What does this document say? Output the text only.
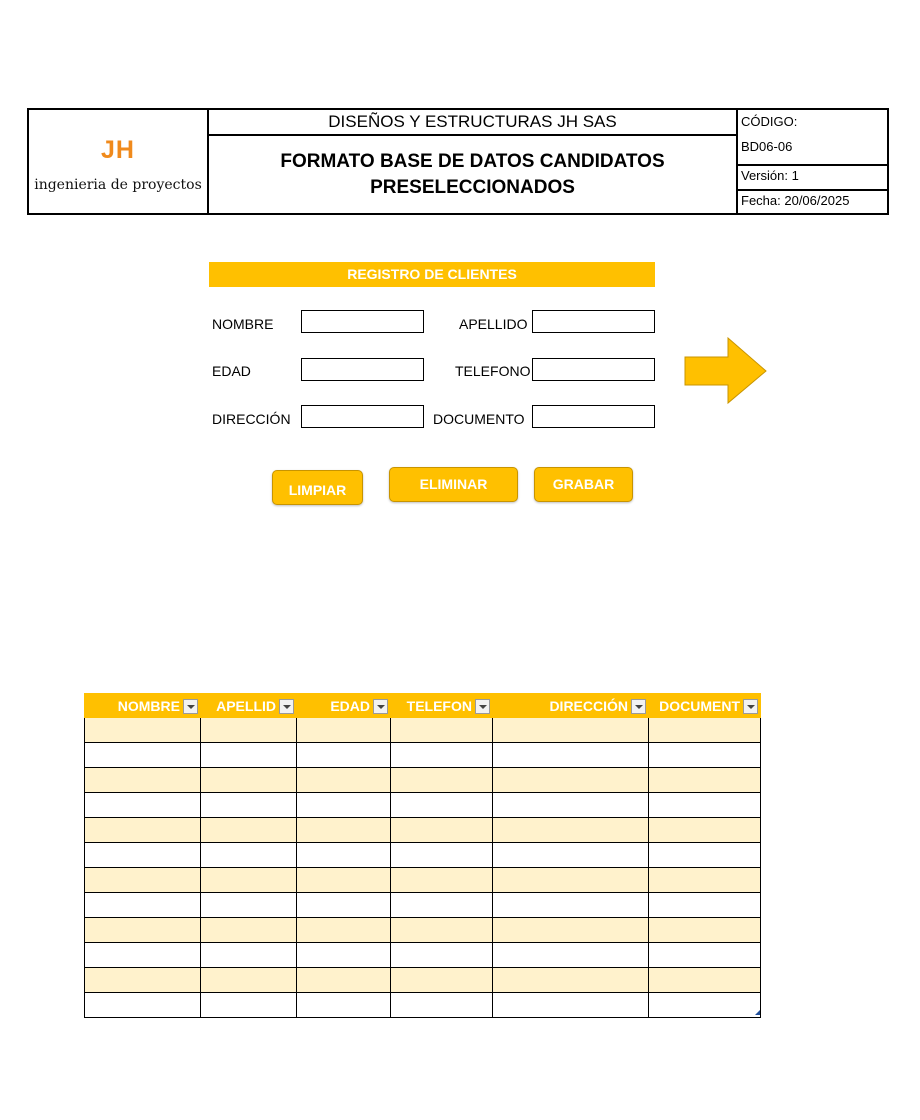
JH
ingenieria de proyectos
DISEÑOS Y ESTRUCTURAS JH SAS
FORMATO BASE DE DATOS CANDIDATOS
PRESELECCIONADOS
CÓDIGO:
BD06-06
Versión: 1
Fecha: 20/06/2025
REGISTRO DE CLIENTES
NOMBRE	APELLIDO
EDAD	TELEFONO
DIRECCIÓN	DOCUMENTO
LIMPIAR	ELIMINAR	GRABAR
NOMBRE	APELLID	EDAD	TELEFON	DIRECCIÓN	DOCUMENT
